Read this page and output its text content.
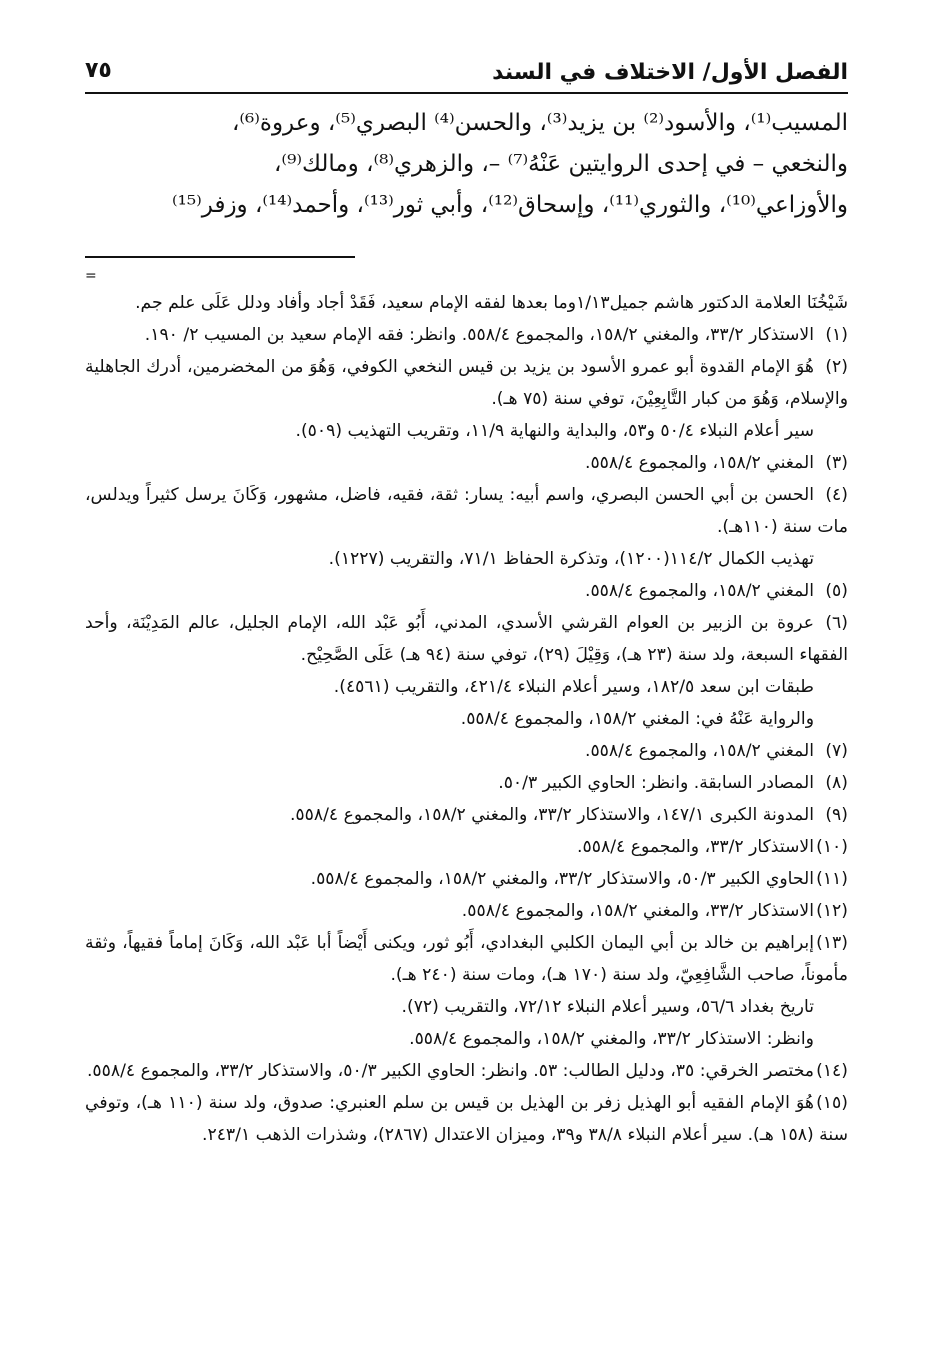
الفصل الأول/ الاختلاف في السند
٧٥
المسيب⁽¹⁾، والأسود⁽²⁾ بن يزيد⁽³⁾، والحسن⁽⁴⁾ البصري⁽⁵⁾، وعروة⁽⁶⁾،
والنخعي – في إحدى الروايتين عَنْهُ⁽⁷⁾ –، والزهري⁽⁸⁾، ومالك⁽⁹⁾،
والأوزاعي⁽¹⁰⁾، والثوري⁽¹¹⁾، وإسحاق⁽¹²⁾، وأبي ثور⁽¹³⁾، وأحمد⁽¹⁴⁾، وزفر⁽¹⁵⁾
=

شَيْخُنَا العلامة الدكتور هاشم جميل١/١٣وما بعدها لفقه الإمام سعيد، فَقَدْ أجاد وأفاد ودلل عَلَى علم جم.

(١)الاستذكار ٣٣/٢، والمغني ١٥٨/٢، والمجموع ٥٥٨/٤. وانظر: فقه الإمام سعيد بن المسيب ٢/ ١٩٠.

(٢)هُوَ الإمام القدوة أبو عمرو الأسود بن يزيد بن قيس النخعي الكوفي، وَهُوَ من المخضرمين، أدرك الجاهلية والإسلام، وَهُوَ من كبار التَّابِعِيْنَ، توفي سنة (٧٥ هـ).

سير أعلام النبلاء ٥٠/٤ و٥٣، والبداية والنهاية ١١/٩، وتقريب التهذيب (٥٠٩).

(٣)المغني ١٥٨/٢، والمجموع ٥٥٨/٤.

(٤)الحسن بن أبي الحسن البصري، واسم أبيه: يسار: ثقة، فقيه، فاضل، مشهور، وَكَانَ يرسل كثيراً ويدلس، مات سنة (١١٠هـ).

تهذيب الكمال ١١٤/٢(١٢٠٠)، وتذكرة الحفاظ ٧١/١، والتقريب (١٢٢٧).

(٥)المغني ١٥٨/٢، والمجموع ٥٥٨/٤.

(٦)عروة بن الزبير بن العوام القرشي الأسدي، المدني، أَبُو عَبْد الله، الإمام الجليل، عالم المَدِيْنَة، وأحد الفقهاء السبعة، ولد سنة (٢٣ هـ)، وَقِيْلَ (٢٩)، توفي سنة (٩٤ هـ) عَلَى الصَّحِيْح.

طبقات ابن سعد ١٨٢/٥، وسير أعلام النبلاء ٤٢١/٤، والتقريب (٤٥٦١).

والرواية عَنْهُ في: المغني ١٥٨/٢، والمجموع ٥٥٨/٤.

(٧)المغني ١٥٨/٢، والمجموع ٥٥٨/٤.

(٨)المصادر السابقة. وانظر: الحاوي الكبير ٥٠/٣.

(٩)المدونة الكبرى ١٤٧/١، والاستذكار ٣٣/٢، والمغني ١٥٨/٢، والمجموع ٥٥٨/٤.

(١٠)الاستذكار ٣٣/٢، والمجموع ٥٥٨/٤.

(١١)الحاوي الكبير ٥٠/٣، والاستذكار ٣٣/٢، والمغني ١٥٨/٢، والمجموع ٥٥٨/٤.

(١٢)الاستذكار ٣٣/٢، والمغني ١٥٨/٢، والمجموع ٥٥٨/٤.

(١٣)إبراهيم بن خالد بن أبي اليمان الكلبي البغدادي، أَبُو ثور، ويكنى أَيْضاً أبا عَبْد الله، وَكَانَ إماماً فقيهاً، وثقة مأموناً، صاحب الشَّافِعِيّ، ولد سنة (١٧٠ هـ)، ومات سنة (٢٤٠ هـ).

تاريخ بغداد ٥٦/٦، وسير أعلام النبلاء ٧٢/١٢، والتقريب (٧٢).

وانظر: الاستذكار ٣٣/٢، والمغني ١٥٨/٢، والمجموع ٥٥٨/٤.

(١٤)مختصر الخرقي: ٣٥، ودليل الطالب: ٥٣. وانظر: الحاوي الكبير ٥٠/٣، والاستذكار ٣٣/٢، والمجموع ٥٥٨/٤.

(١٥)هُوَ الإمام الفقيه أبو الهذيل زفر بن الهذيل بن قيس بن سلم العنبري: صدوق، ولد سنة (١١٠ هـ)، وتوفي سنة (١٥٨ هـ). سير أعلام النبلاء ٣٨/٨ و٣٩، وميزان الاعتدال (٢٨٦٧)، وشذرات الذهب ٢٤٣/١.
